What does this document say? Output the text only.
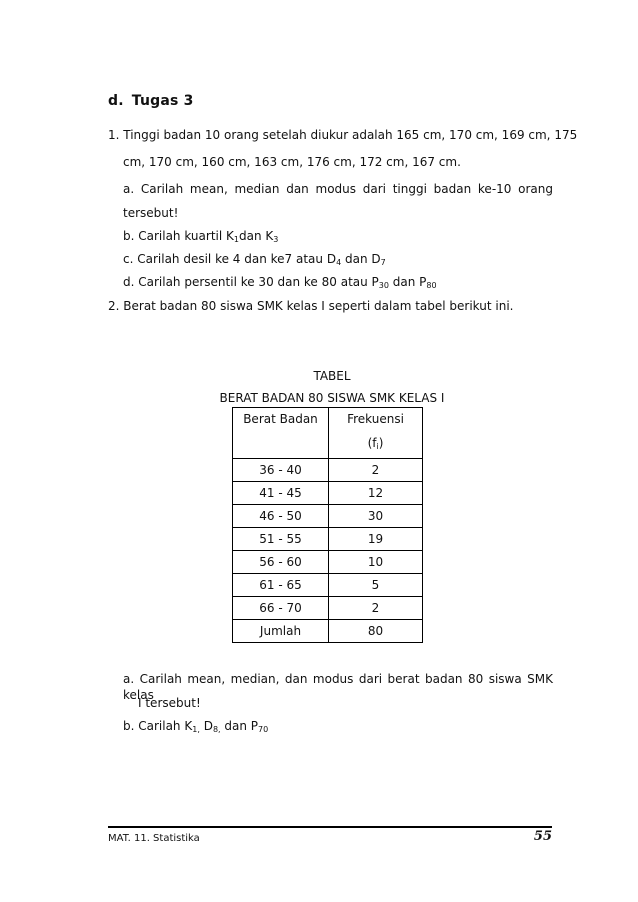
d. Tugas 3
1. Tinggi badan 10 orang setelah diukur adalah 165 cm, 170 cm, 169 cm, 175
cm, 170 cm, 160 cm, 163 cm, 176 cm, 172 cm, 167 cm.
a. Carilah mean, median dan modus dari tinggi badan ke-10 orang
tersebut!
b. Carilah kuartil $K_1dan$ $K_3$
c. Carilah desil ke 4 dan ke7 atau $D_4$ dan $D_7$
d. Carilah persentil ke 30 dan ke 80 atau $P_{30}$ dan $P_{80}$
2. Berat badan 80 siswa SMK kelas I seperti dalam tabel berikut ini.
TABEL
BERAT BADAN 80 SISWA SMK KELAS I
Berat Badan	Frekuensi
$(f_i)$

36 - 40	2
41 - 45	12
46 - 50	30
51 - 55	19
56 - 60	10
61 - 65	5
66 - 70	2
Jumlah	80
a. Carilah mean, median, dan modus dari berat badan 80 siswa SMK kelas
I tersebut!
b. Carilah $K_{1,}$ $D_{8,}$ dan $P_{70}$
MAT. 11. Statistika	55
